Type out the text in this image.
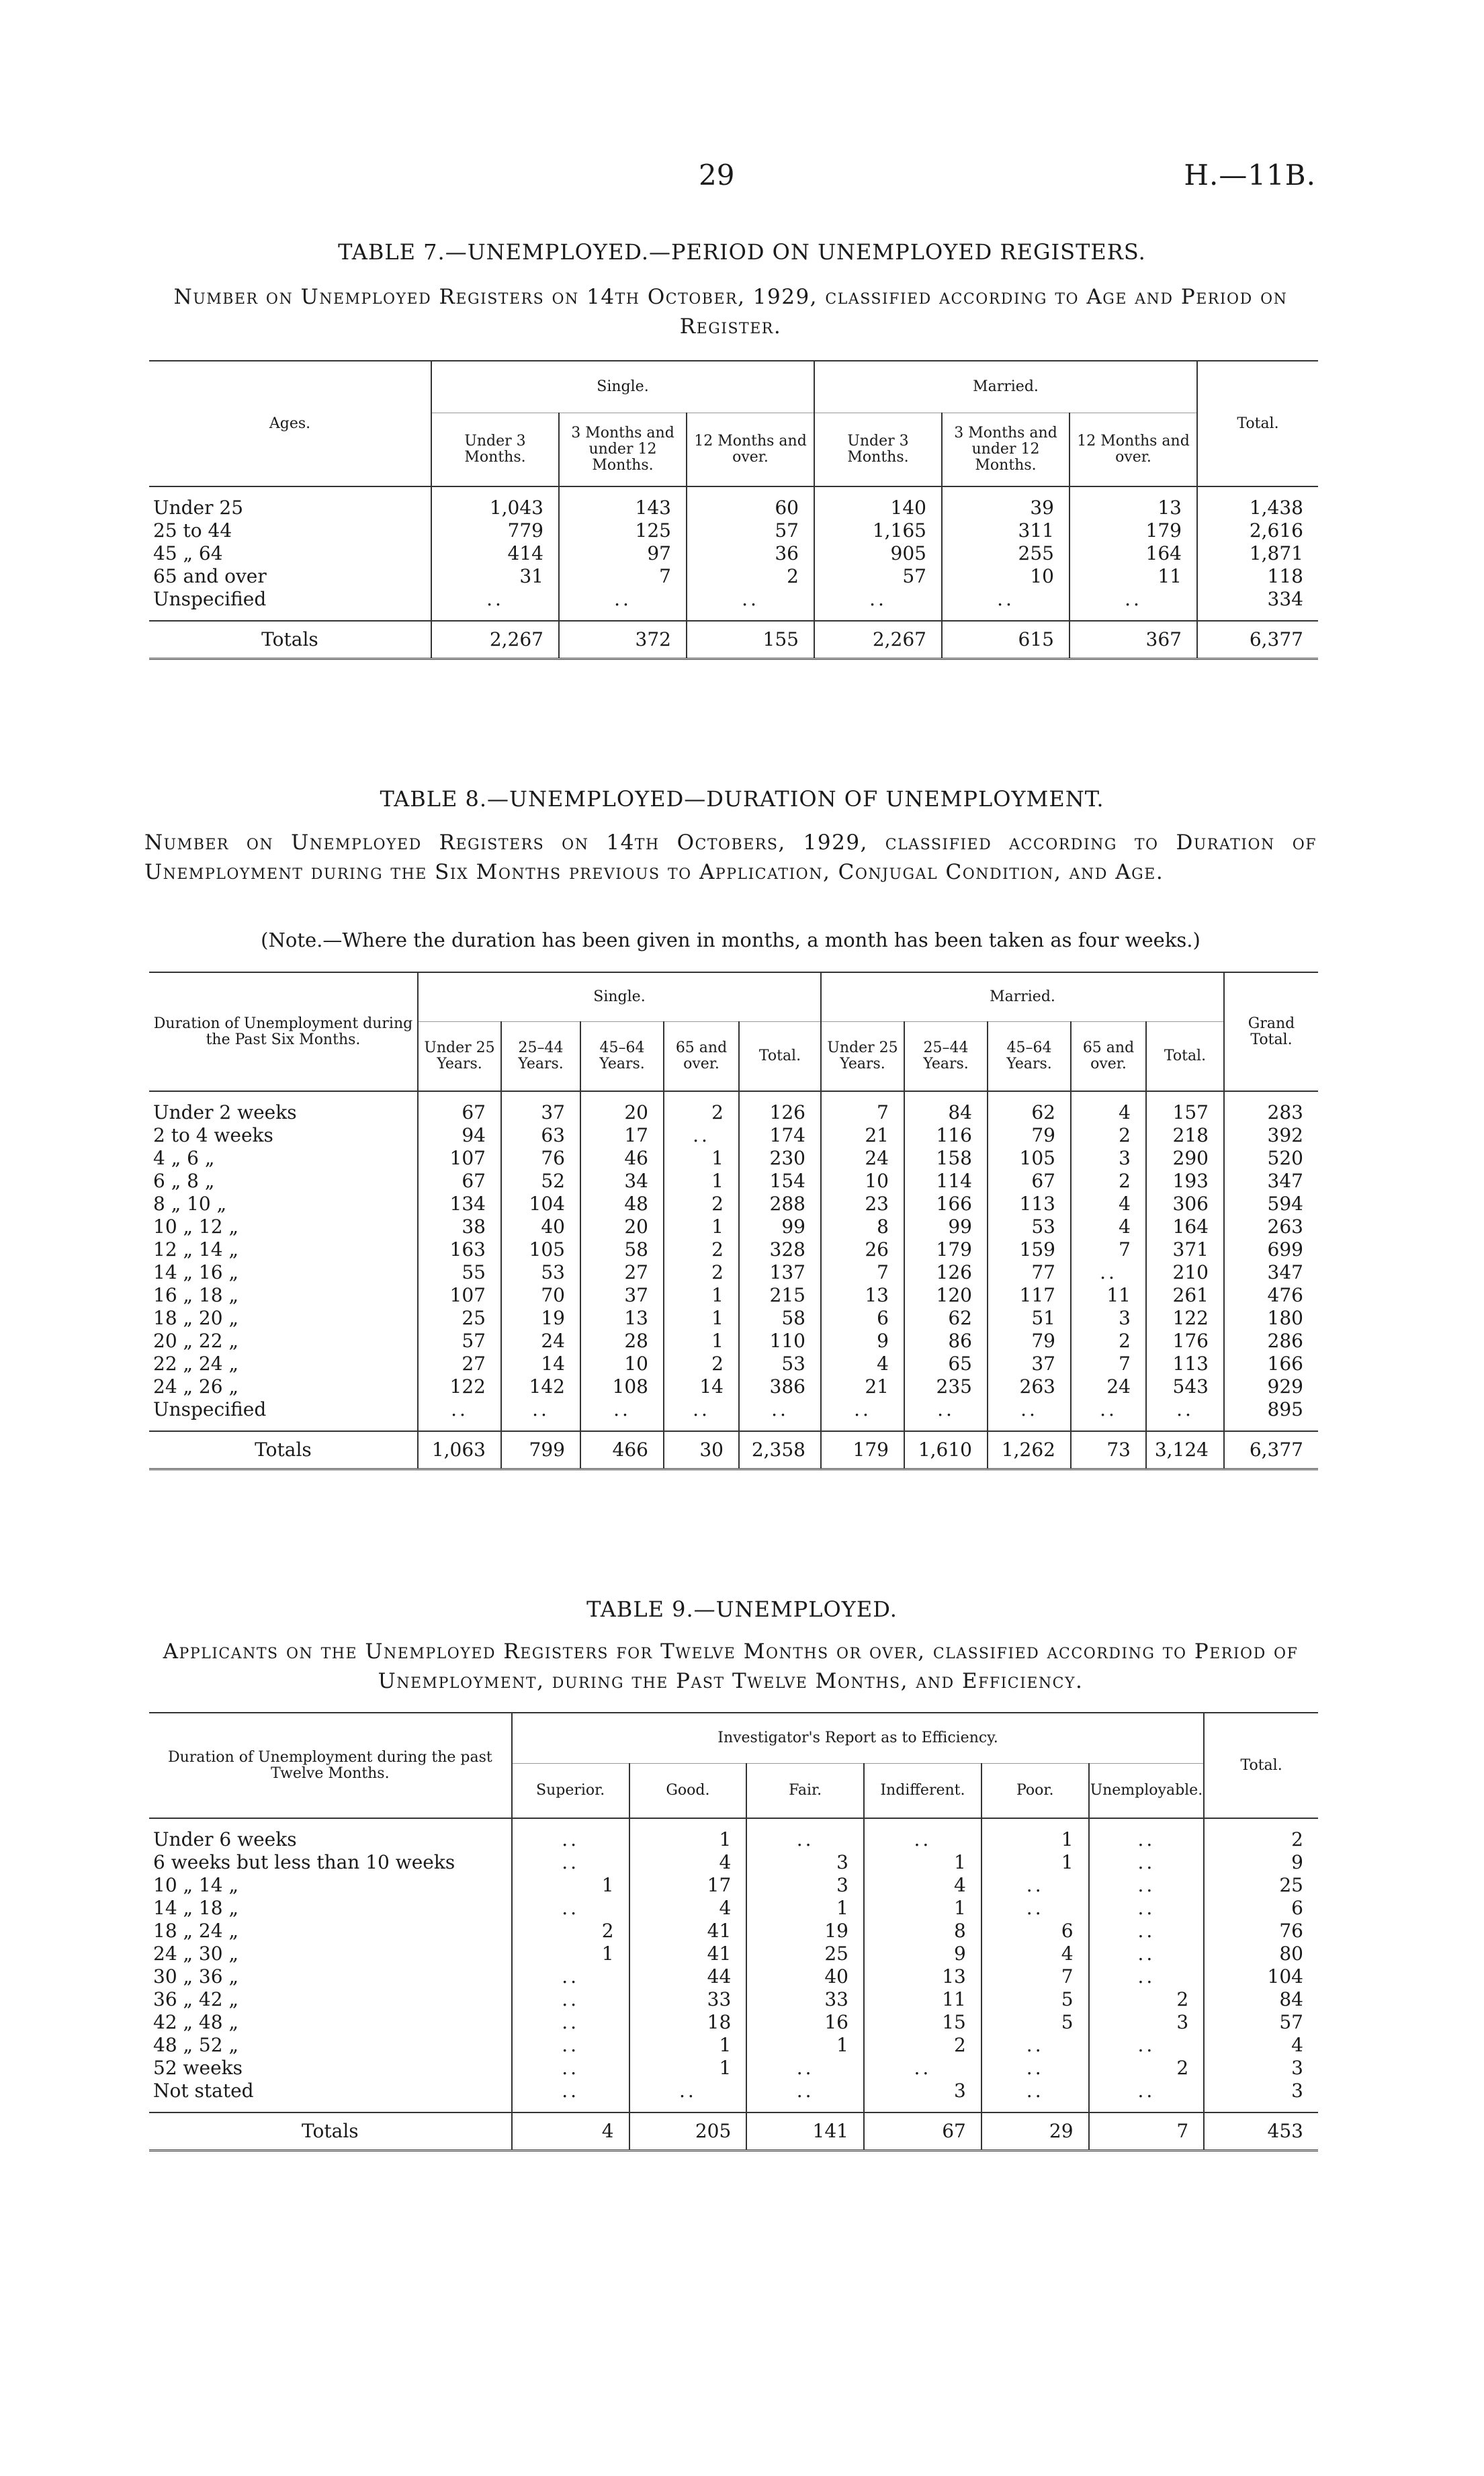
29	H.—11B.
TABLE 7.—UNEMPLOYED.—PERIOD ON UNEMPLOYED REGISTERS.
Number on Unemployed Registers on 14th October, 1929, classified according to Age and Period on Register.
Ages.	Single.			Married.			Total.
	Under 3 Months.	3 Months and under 12 Months.	12 Months and over.	Under 3 Months.	3 Months and under 12 Months.	12 Months and over.	

Under 25	1,043	143	60	140	39	13	1,438
25 to 44	779	125	57	1,165	311	179	2,616
45 „ 64	414	97	36	905	255	164	1,871
65 and over	31	7	2	57	10	11	118
Unspecified	..	..	..	..	..	..	334

Totals	2,267	372	155	2,267	615	367	6,377
TABLE 8.—UNEMPLOYED—DURATION OF UNEMPLOYMENT.
Number on Unemployed Registers on 14th Octobers, 1929, classified according to Duration of Unemployment during the Six Months previous to Application, Conjugal Condition, and Age.
(Note.—Where the duration has been given in months, a month has been taken as four weeks.)
Duration of Unemployment during the Past Six Months.	Single.					Married.					Grand Total.
	Under 25 Years.	25–44 Years.	45–64 Years.	65 and over.	Total.	Under 25 Years.	25–44 Years.	45–64 Years.	65 and over.	Total.	

Under 2 weeks	67	37	20	2	126	7	84	62	4	157	283
2 to 4 weeks	94	63	17	..	174	21	116	79	2	218	392
4 „ 6 „	107	76	46	1	230	24	158	105	3	290	520
6 „ 8 „	67	52	34	1	154	10	114	67	2	193	347
8 „ 10 „	134	104	48	2	288	23	166	113	4	306	594
10 „ 12 „	38	40	20	1	99	8	99	53	4	164	263
12 „ 14 „	163	105	58	2	328	26	179	159	7	371	699
14 „ 16 „	55	53	27	2	137	7	126	77	..	210	347
16 „ 18 „	107	70	37	1	215	13	120	117	11	261	476
18 „ 20 „	25	19	13	1	58	6	62	51	3	122	180
20 „ 22 „	57	24	28	1	110	9	86	79	2	176	286
22 „ 24 „	27	14	10	2	53	4	65	37	7	113	166
24 „ 26 „	122	142	108	14	386	21	235	263	24	543	929
Unspecified	..	..	..	..	..	..	..	..	..	..	895

Totals	1,063	799	466	30	2,358	179	1,610	1,262	73	3,124	6,377
TABLE 9.—UNEMPLOYED.
Applicants on the Unemployed Registers for Twelve Months or over, classified according to Period of Unemployment, during the Past Twelve Months, and Efficiency.
Duration of Unemployment during the past Twelve Months.	Investigator's Report as to Efficiency.						Total.
	Superior.	Good.	Fair.	Indifferent.	Poor.	Unemployable.	

Under 6 weeks	..	1	..	..	1	..	2
6 weeks but less than 10 weeks	..	4	3	1	1	..	9
10 „ 14 „	1	17	3	4	..	..	25
14 „ 18 „	..	4	1	1	..	..	6
18 „ 24 „	2	41	19	8	6	..	76
24 „ 30 „	1	41	25	9	4	..	80
30 „ 36 „	..	44	40	13	7	..	104
36 „ 42 „	..	33	33	11	5	2	84
42 „ 48 „	..	18	16	15	5	3	57
48 „ 52 „	..	1	1	2	..	..	4
52 weeks	..	1	..	..	..	2	3
Not stated	..	..	..	3	..	..	3

Totals	4	205	141	67	29	7	453
